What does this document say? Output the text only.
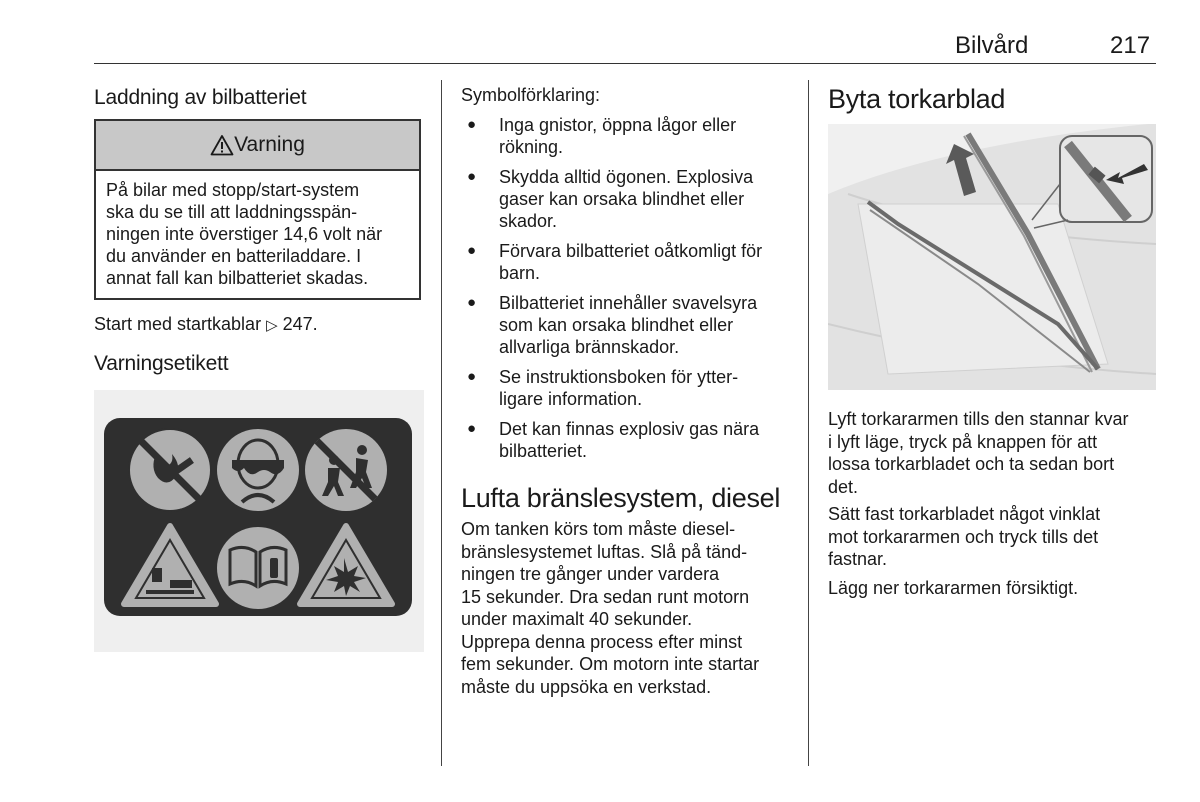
Bilvård	217
Laddning av bilbatteriet
Varning
På bilar med stopp/start-system
ska du se till att laddningsspän-
ningen inte överstiger 14,6 volt när
du använder en batteriladdare. I
annat fall kan bilbatteriet skadas.
Start med startkablar ▷ 247.
Varningsetikett
Symbolförklaring:
● Inga gnistor, öppna lågor eller
rökning.
● Skydda alltid ögonen. Explosiva
gaser kan orsaka blindhet eller
skador.
● Förvara bilbatteriet oåtkomligt för
barn.
● Bilbatteriet innehåller svavelsyra
som kan orsaka blindhet eller
allvarliga brännskador.
● Se instruktionsboken för ytter-
ligare information.
● Det kan finnas explosiv gas nära
bilbatteriet.
Lufta bränslesystem, diesel
Om tanken körs tom måste diesel-
bränslesystemet luftas. Slå på tänd-
ningen tre gånger under vardera
15 sekunder. Dra sedan runt motorn
under maximalt 40 sekunder.
Upprepa denna process efter minst
fem sekunder. Om motorn inte startar
måste du uppsöka en verkstad.
Byta torkarblad
Lyft torkararmen tills den stannar kvar
i lyft läge, tryck på knappen för att
lossa torkarbladet och ta sedan bort
det.
Sätt fast torkarbladet något vinklat
mot torkararmen och tryck tills det
fastnar.
Lägg ner torkararmen försiktigt.
